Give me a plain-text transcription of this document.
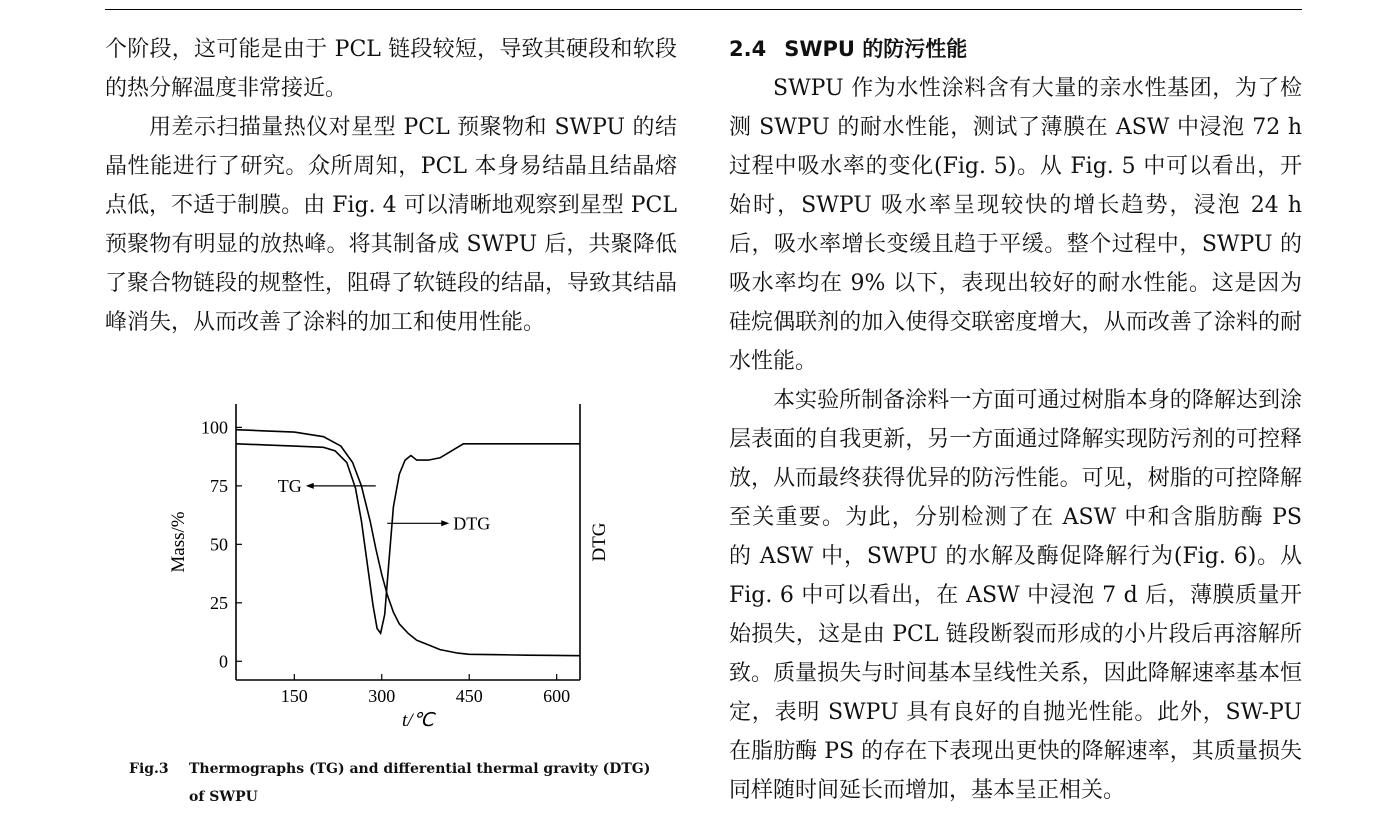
个阶段，这可能是由于 PCL 链段较短，导致其硬段和软段的热分解温度非常接近。

用差示扫描量热仪对星型 PCL 预聚物和 SWPU 的结晶性能进行了研究。众所周知，PCL 本身易结晶且结晶熔点低，不适于制膜。由 Fig. 4 可以清晰地观察到星型 PCL 预聚物有明显的放热峰。将其制备成 SWPU 后，共聚降低了聚合物链段的规整性，阻碍了软链段的结晶，导致其结晶峰消失，从而改善了涂料的加工和使用性能。

2.4 SWPU 的防污性能

SWPU 作为水性涂料含有大量的亲水性基团，为了检测 SWPU 的耐水性能，测试了薄膜在 ASW 中浸泡 72 h 过程中吸水率的变化(Fig. 5)。从 Fig. 5 中可以看出，开始时，SWPU 吸水率呈现较快的增长趋势，浸泡 24 h 后，吸水率增长变缓且趋于平缓。整个过程中，SWPU 的吸水率均在 9% 以下，表现出较好的耐水性能。这是因为硅烷偶联剂的加入使得交联密度增大，从而改善了涂料的耐水性能。

本实验所制备涂料一方面可通过树脂本身的降解达到涂层表面的自我更新，另一方面通过降解实现防污剂的可控释放，从而最终获得优异的防污性能。可见，树脂的可控降解至关重要。为此，分别检测了在 ASW 中和含脂肪酶 PS 的 ASW 中，SWPU 的水解及酶促降解行为(Fig. 6)。从 Fig. 6 中可以看出，在 ASW 中浸泡 7 d 后，薄膜质量开始损失，这是由 PCL 链段断裂而形成的小片段后再溶解所致。质量损失与时间基本呈线性关系，因此降解速率基本恒定，表明 SWPU 具有良好的自抛光性能。此外，SW-PU 在脂肪酶 PS 的存在下表现出更快的降解速率，其质量损失同样随时间延长而增加，基本呈正相关。

0
25
50
75
100
150	300	450	600
TG
DTG
Mass/%	DTG
t/℃
Fig.3 Thermographs (TG) and differential thermal gravity (DTG)
of SWPU
